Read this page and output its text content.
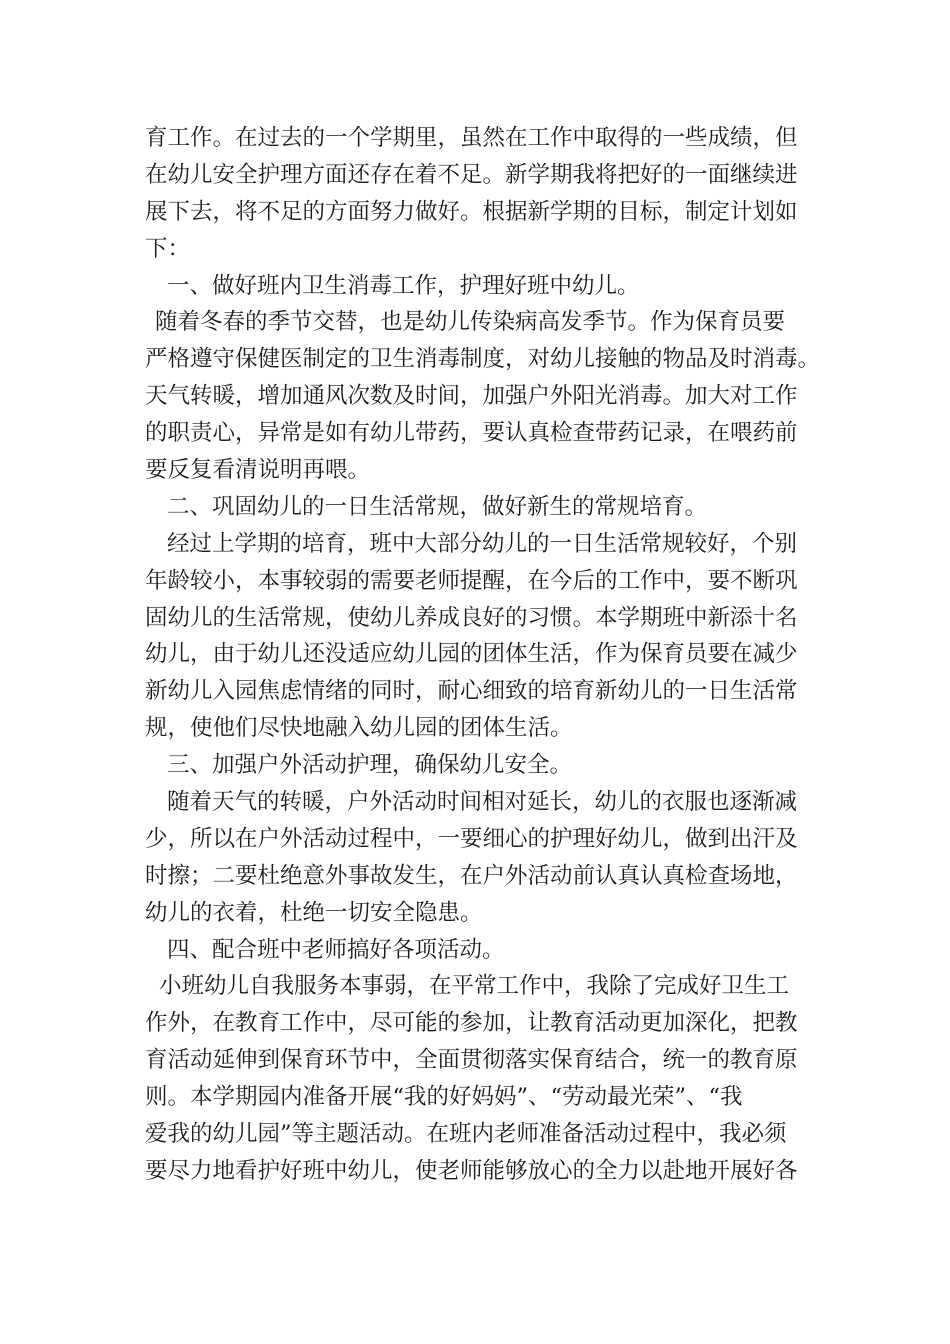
育工作。在过去的一个学期里，虽然在工作中取得的一些成绩，但
在幼儿安全护理方面还存在着不足。新学期我将把好的一面继续进
展下去，将不足的方面努力做好。根据新学期的目标，制定计划如
下：
一、做好班内卫生消毒工作，护理好班中幼儿。
随着冬春的季节交替，也是幼儿传染病高发季节。作为保育员要
严格遵守保健医制定的卫生消毒制度，对幼儿接触的物品及时消毒。
天气转暖，增加通风次数及时间，加强户外阳光消毒。加大对工作
的职责心，异常是如有幼儿带药，要认真检查带药记录，在喂药前
要反复看清说明再喂。
二、巩固幼儿的一日生活常规，做好新生的常规培育。
经过上学期的培育，班中大部分幼儿的一日生活常规较好，个别
年龄较小，本事较弱的需要老师提醒，在今后的工作中，要不断巩
固幼儿的生活常规，使幼儿养成良好的习惯。本学期班中新添十名
幼儿，由于幼儿还没适应幼儿园的团体生活，作为保育员要在减少
新幼儿入园焦虑情绪的同时，耐心细致的培育新幼儿的一日生活常
规，使他们尽快地融入幼儿园的团体生活。
三、加强户外活动护理，确保幼儿安全。
随着天气的转暖，户外活动时间相对延长，幼儿的衣服也逐渐减
少，所以在户外活动过程中，一要细心的护理好幼儿，做到出汗及
时擦；二要杜绝意外事故发生，在户外活动前认真认真检查场地，
幼儿的衣着，杜绝一切安全隐患。
四、配合班中老师搞好各项活动。
小班幼儿自我服务本事弱，在平常工作中，我除了完成好卫生工
作外，在教育工作中，尽可能的参加，让教育活动更加深化，把教
育活动延伸到保育环节中，全面贯彻落实保育结合，统一的教育原
则。本学期园内准备开展“我的好妈妈”、“劳动最光荣”、“我
爱我的幼儿园”等主题活动。在班内老师准备活动过程中，我必须
要尽力地看护好班中幼儿，使老师能够放心的全力以赴地开展好各
